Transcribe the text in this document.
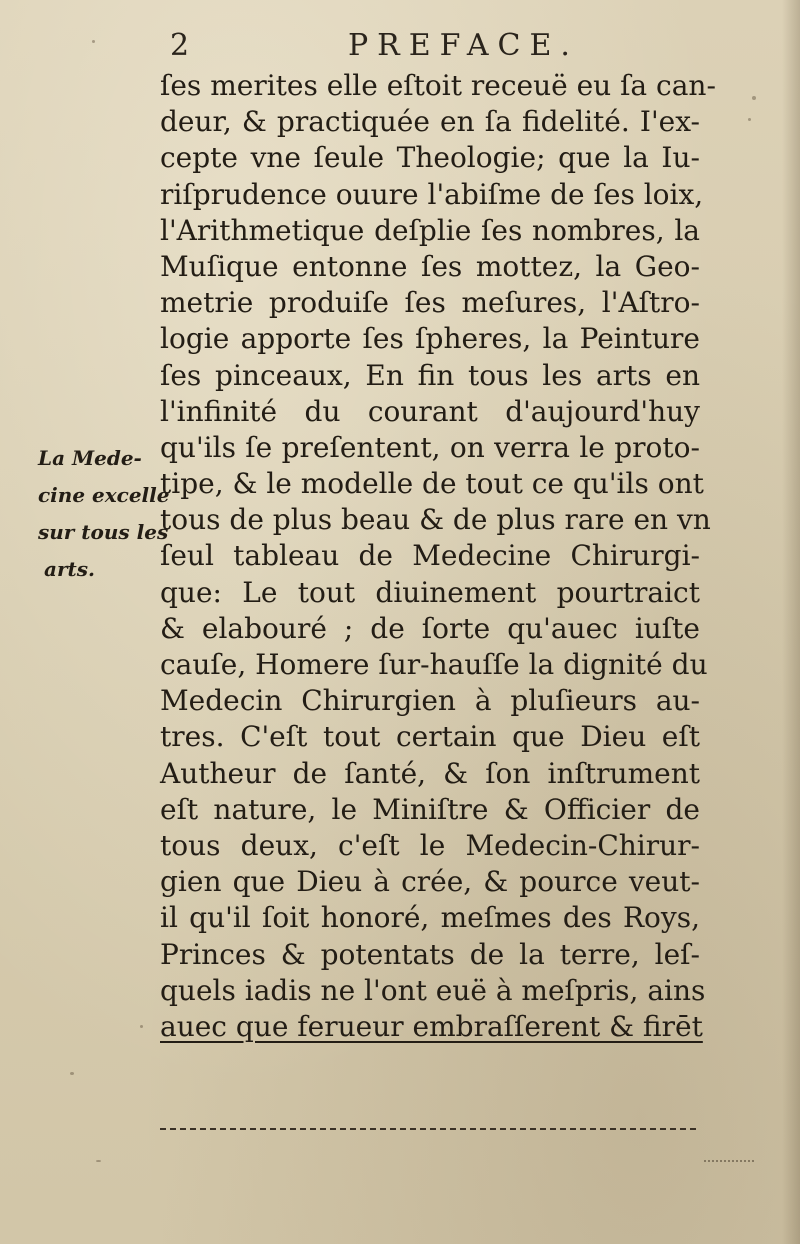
2	PREFACE.
La Mede-
cine excelle
sur tous les
arts.
ſes merites elle eſtoit receuë eu ſa can-
deur, & practiquée en ſa fidelité. I'ex-
cepte vne ſeule Theologie; que la Iu-
riſprudence ouure l'abiſme de ſes loix,
l'Arithmetique deſplie ſes nombres, la
Muſique entonne ſes mottez, la Geo-
metrie produiſe ſes meſures, l'Aſtro-
logie apporte ſes ſpheres, la Peinture
ſes pinceaux, En fin tous les arts en
l'infinité du courant d'aujourd'huy
qu'ils ſe preſentent, on verra le proto-
tipe, & le modelle de tout ce qu'ils ont
tous de plus beau & de plus rare en vn
ſeul tableau de Medecine Chirurgi-
que: Le tout diuinement pourtraict
& elabouré ; de ſorte qu'auec iuſte
cauſe, Homere ſur-hauſſe la dignité du
Medecin Chirurgien à pluſieurs au-
tres. C'eſt tout certain que Dieu eſt
Autheur de ſanté, & ſon inſtrument
eſt nature, le Miniſtre & Officier de
tous deux, c'eſt le Medecin-Chirur-
gien que Dieu à crée, & pource veut-
il qu'il ſoit honoré, meſmes des Roys,
Princes & potentats de la terre, leſ-
quels iadis ne l'ont euë à meſpris, ains
auec que ferueur embraſſerent & firēt
